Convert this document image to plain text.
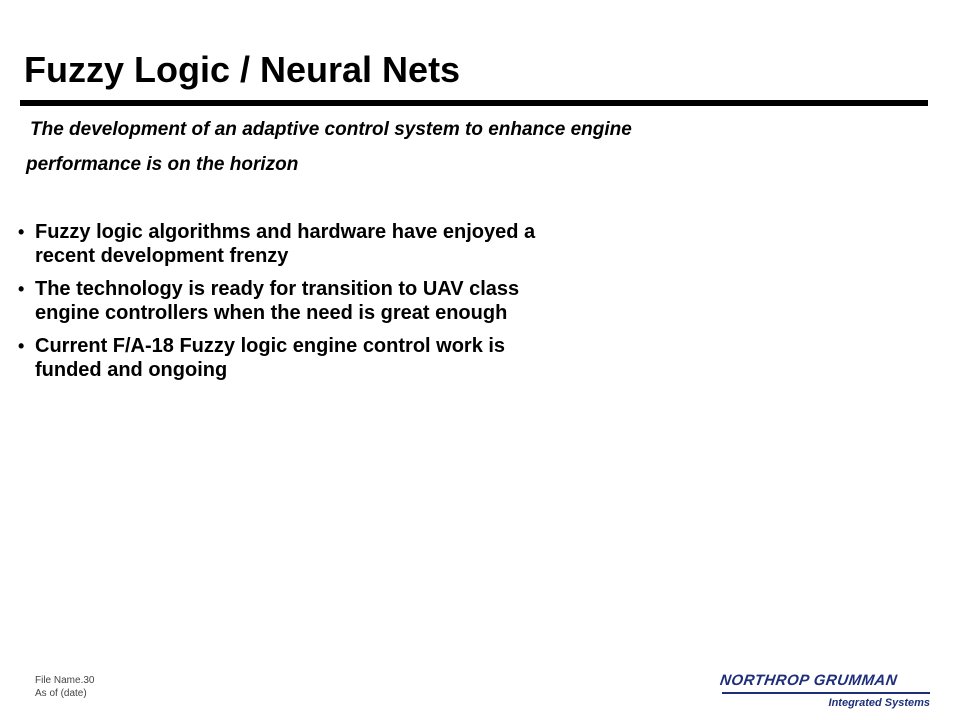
Fuzzy Logic / Neural Nets
The development of an adaptive control system to enhance engine
performance is on the horizon
• Fuzzy logic algorithms and hardware have enjoyed a recent development frenzy
• The technology is ready for transition to UAV class engine controllers when the need is great enough
• Current F/A-18 Fuzzy logic engine control work is funded and ongoing
File Name.30
As of (date)
NORTHROP GRUMMAN
Integrated Systems
